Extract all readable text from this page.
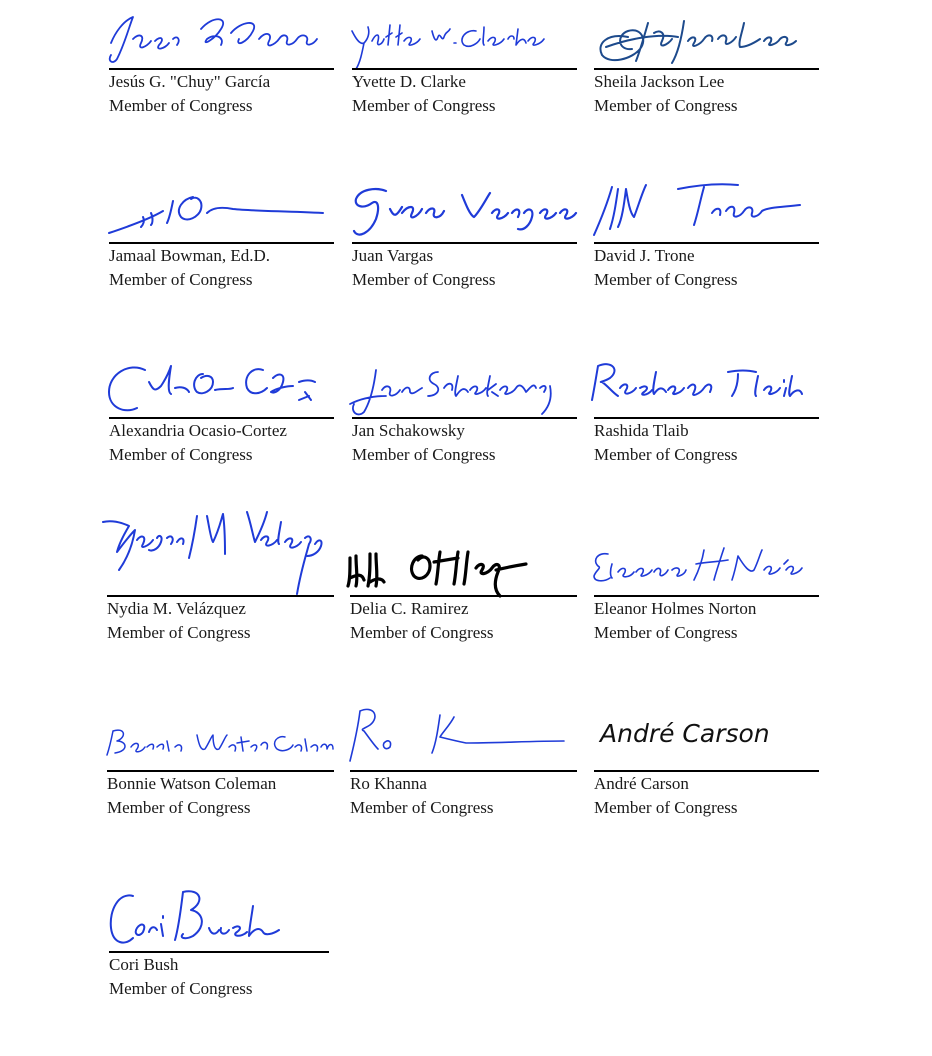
Jesús G. "Chuy" García
Member of Congress
Yvette D. Clarke
Member of Congress
Sheila Jackson Lee
Member of Congress
Jamaal Bowman, Ed.D.
Member of Congress
Juan Vargas
Member of Congress
David J. Trone
Member of Congress
Alexandria Ocasio-Cortez
Member of Congress
Jan Schakowsky
Member of Congress
Rashida Tlaib
Member of Congress
Nydia M. Velázquez
Member of Congress
Delia C. Ramirez
Member of Congress
Eleanor Holmes Norton
Member of Congress
Bonnie Watson Coleman
Member of Congress
Ro Khanna
Member of Congress
André Carson
André Carson
Member of Congress
Cori Bush
Member of Congress
